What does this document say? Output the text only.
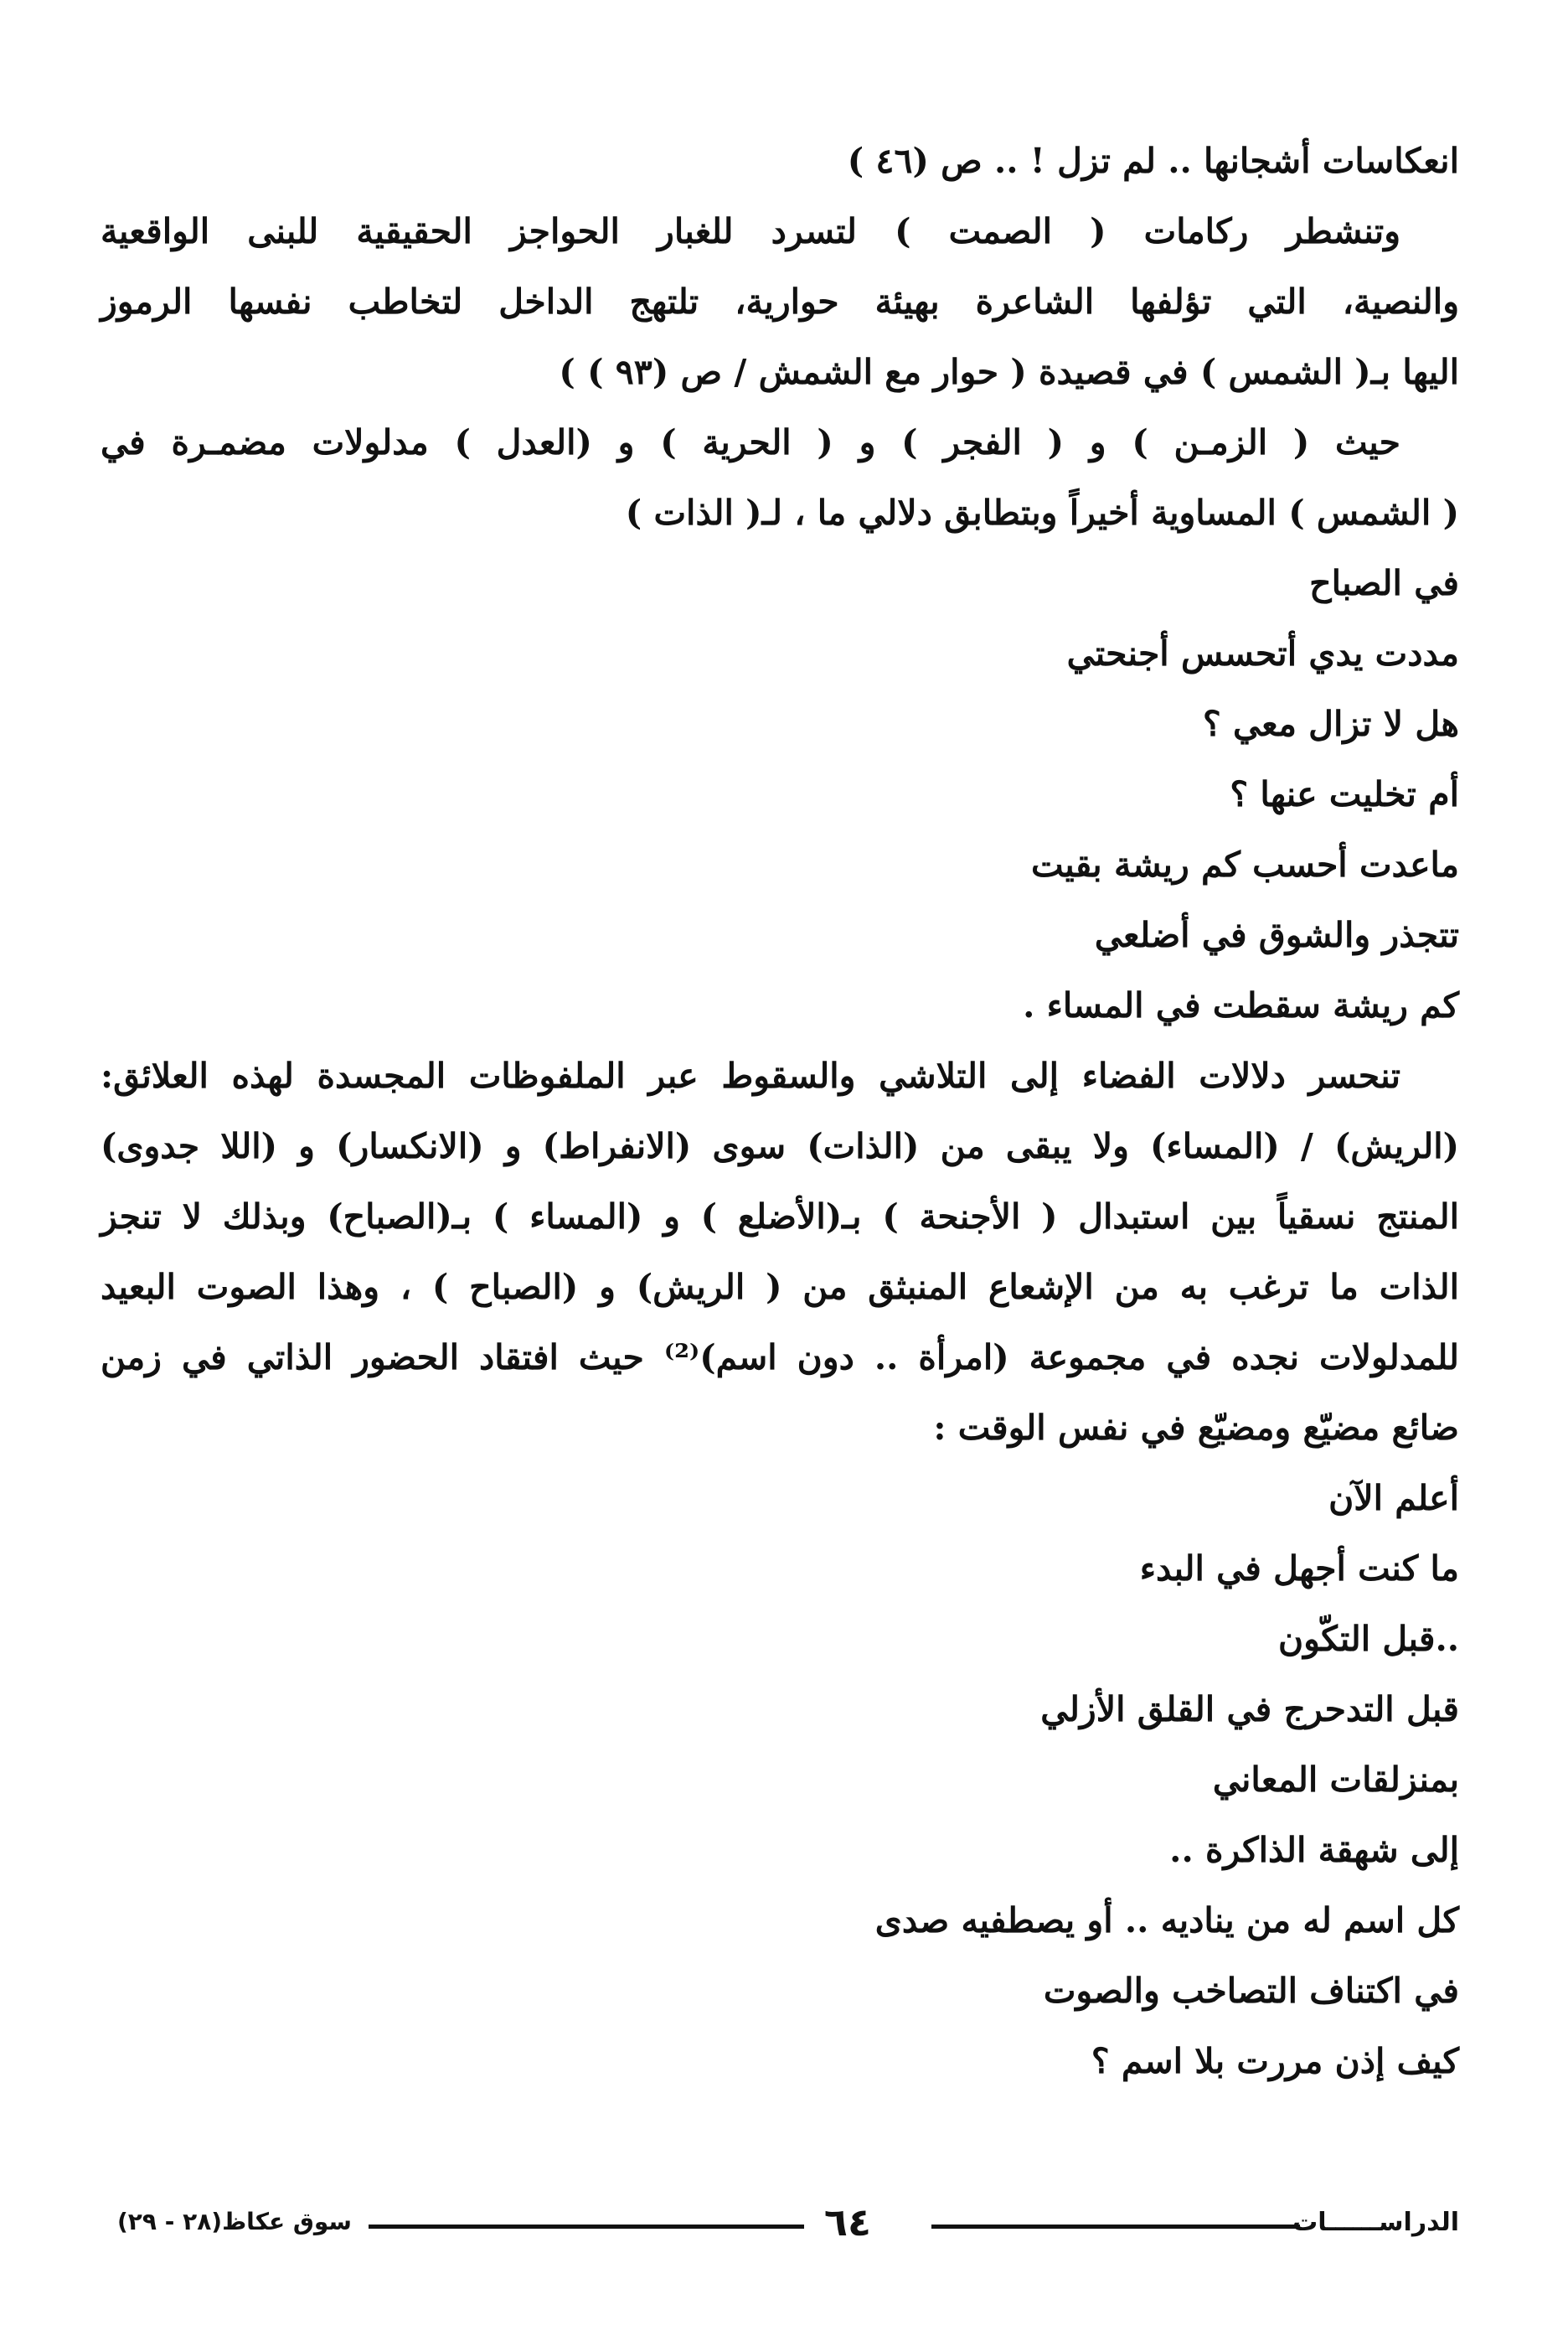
انعكاسات أشجانها .. لم تزل ! .. ص (٤٦ )
وتنشطر ركامات ( الصمت ) لتسرد للغبار الحواجز الحقيقية للبنى الواقعية
والنصية، التي تؤلفها الشاعرة بهيئة حوارية، تلتهج الداخل لتخاطب نفسها الرموز
اليها بـ( الشمس ) في قصيدة ( حوار مع الشمش / ص (٩٣ ) )
حيث ( الزمـن ) و ( الفجر ) و ( الحرية ) و (العدل ) مدلولات مضمـرة في
( الشمس ) المساوية أخيراً وبتطابق دلالي ما ، لـ( الذات )
في الصباح
مددت يدي أتحسس أجنحتي
هل لا تزال معي ؟
أم تخليت عنها ؟
ماعدت أحسب كم ريشة بقيت
تتجذر والشوق في أضلعي
كم ريشة سقطت في المساء .
تنحسر دلالات الفضاء إلى التلاشي والسقوط عبر الملفوظات المجسدة لهذه العلائق:
(الريش) / (المساء) ولا يبقى من (الذات) سوى (الانفراط) و (الانكسار) و (اللا جدوى)
المنتج نسقياً بين استبدال ( الأجنحة ) بـ(الأضلع ) و (المساء ) بـ(الصباح) وبذلك لا تنجز
الذات ما ترغب به من الإشعاع المنبثق من ( الريش) و (الصباح ) ، وهذا الصوت البعيد
للمدلولات نجده في مجموعة (امرأة .. دون اسم)⁽²⁾ حيث افتقاد الحضور الذاتي في زمن
ضائع مضيّع ومضيّع في نفس الوقت :
أعلم الآن
ما كنت أجهل في البدء
..قبل التكّون
قبل التدحرج في القلق الأزلي
بمنزلقات المعاني
إلى شهقة الذاكرة ..
كل اسم له من يناديه .. أو يصطفيه صدى
في اكتناف التصاخب والصوت
كيف إذن مررت بلا اسم ؟
الدراســــــات
٦٤
سوق عكاظ(٢٨ - ٢٩)
